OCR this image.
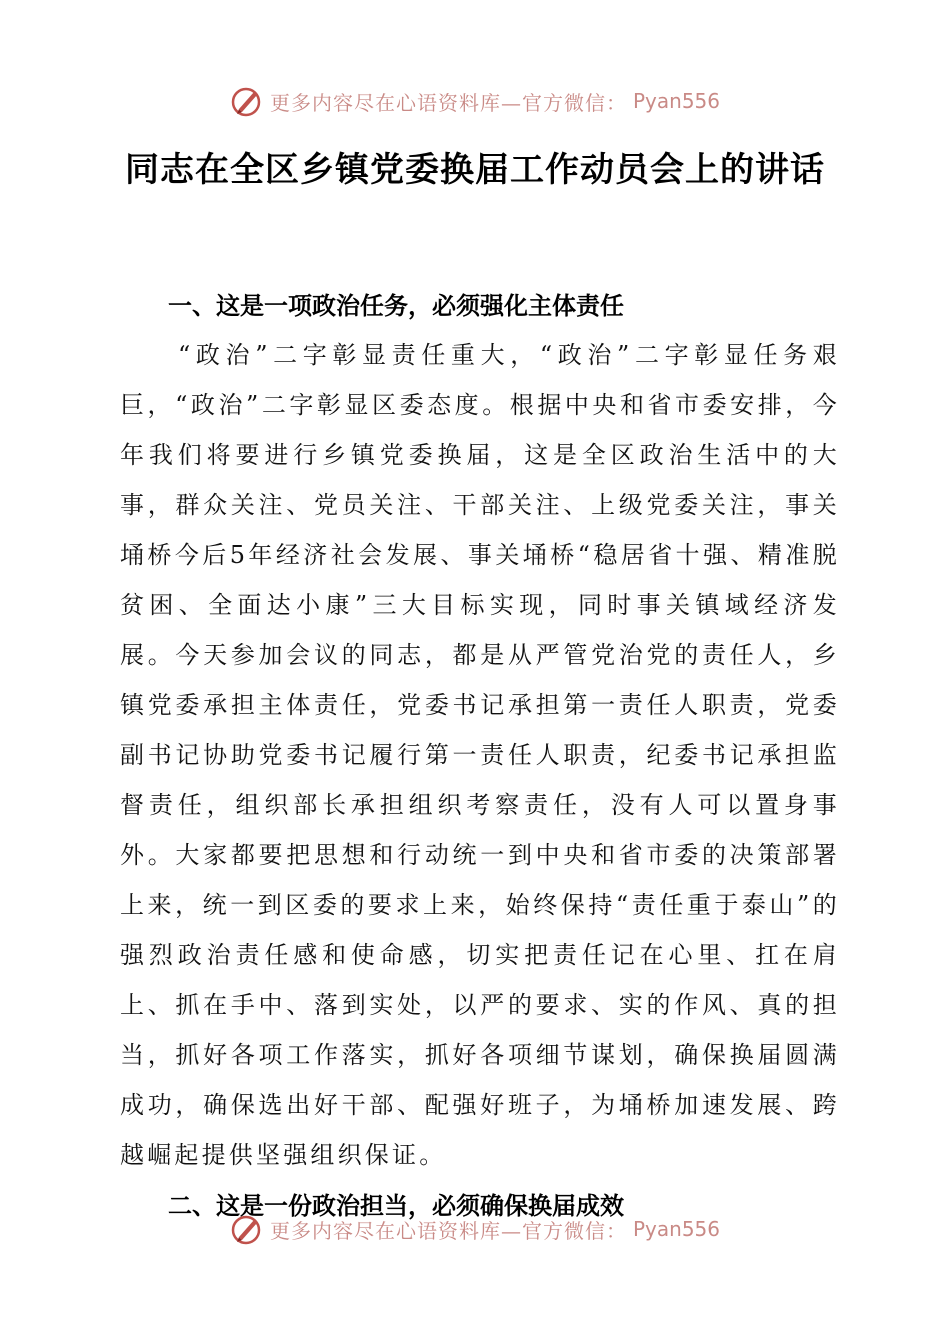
更多内容尽在心语资料库—官方微信： Pyan556
同志在全区乡镇党委换届工作动员会上的讲话
一、这是一项政治任务，必须强化主体责任

“政治”二字彰显责任重大，“政治”二字彰显任务艰巨，“政治”二字彰显区委态度。根据中央和省市委安排，今年我们将要进行乡镇党委换届，这是全区政治生活中的大事，群众关注、党员关注、干部关注、上级党委关注，事关埇桥今后5年经济社会发展、事关埇桥“稳居省十强、精准脱贫困、全面达小康”三大目标实现，同时事关镇域经济发展。今天参加会议的同志，都是从严管党治党的责任人，乡镇党委承担主体责任，党委书记承担第一责任人职责，党委副书记协助党委书记履行第一责任人职责，纪委书记承担监督责任，组织部长承担组织考察责任，没有人可以置身事外。大家都要把思想和行动统一到中央和省市委的决策部署上来，统一到区委的要求上来，始终保持“责任重于泰山”的强烈政治责任感和使命感，切实把责任记在心里、扛在肩上、抓在手中、落到实处，以严的要求、实的作风、真的担当，抓好各项工作落实，抓好各项细节谋划，确保换届圆满成功，确保选出好干部、配强好班子，为埇桥加速发展、跨越崛起提供坚强组织保证。

二、这是一份政治担当，必须确保换届成效
更多内容尽在心语资料库—官方微信： Pyan556
